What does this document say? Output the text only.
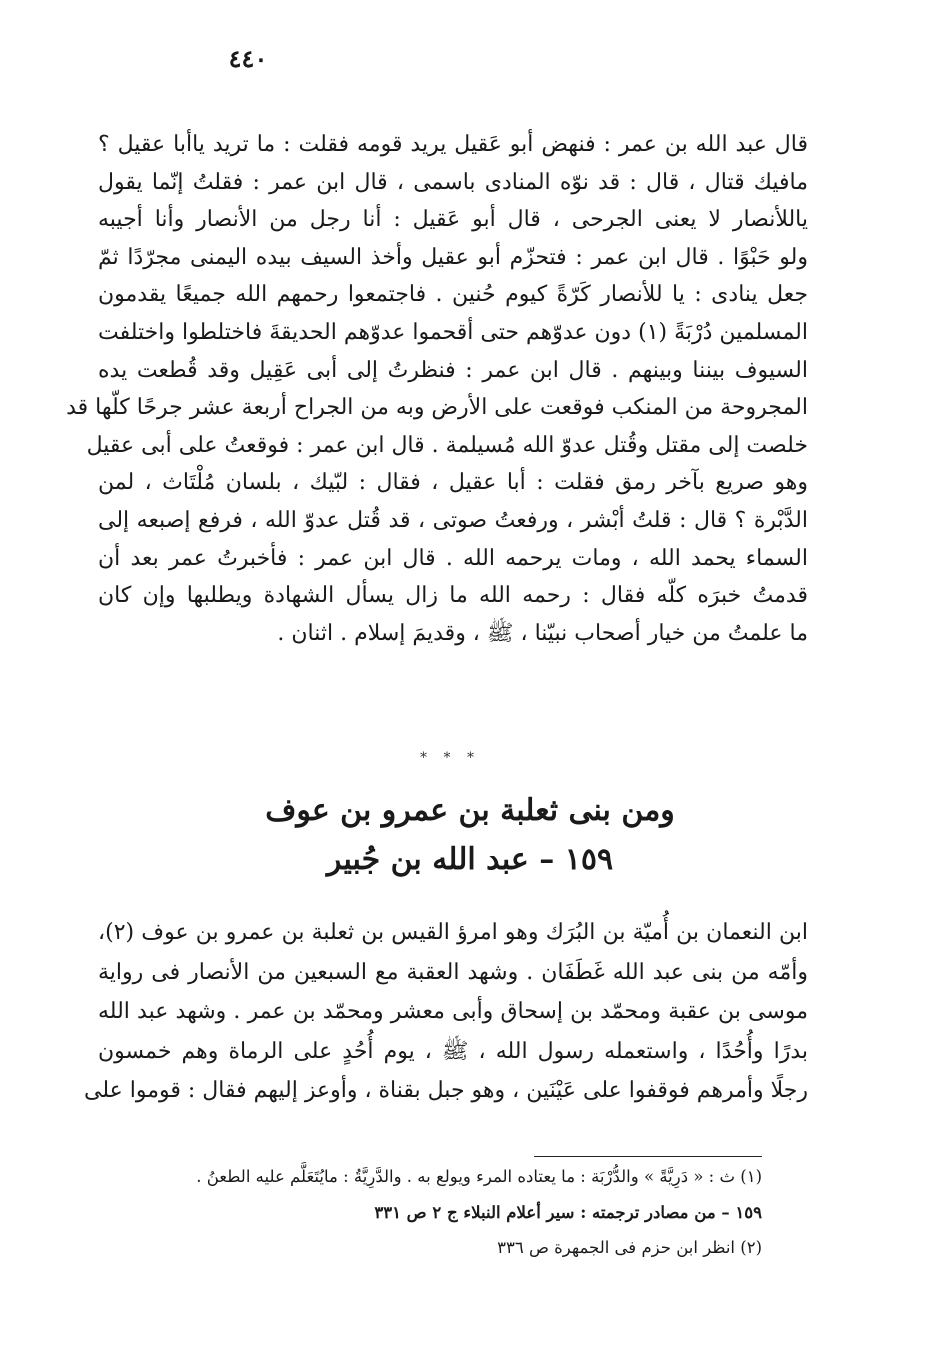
٤٤٠
قال عبد الله بن عمر : فنهض أبو عَقيل يريد قومه فقلت : ما تريد ياأبا عقيل ؟
مافيك قتال ، قال : قد نوّه المنادى باسمى ، قال ابن عمر : فقلتُ إنّما يقول
ياللأنصار لا يعنى الجرحى ، قال أبو عَقيل : أنا رجل من الأنصار وأنا أجيبه
ولو حَبْوًا . قال ابن عمر : فتحزّم أبو عقيل وأخذ السيف بيده اليمنى مجرّدًا ثمّ
جعل ينادى : يا للأنصار كَرّةً كيوم حُنين . فاجتمعوا رحمهم الله جميعًا يقدمون
المسلمين دُرْبَةً (١) دون عدوّهم حتى أقحموا عدوّهم الحديقةَ فاختلطوا واختلفت
السيوف بيننا وبينهم . قال ابن عمر : فنظرتُ إلى أبى عَقِيل وقد قُطعت يده
المجروحة من المنكب فوقعت على الأرض وبه من الجراح أربعة عشر جرحًا كلّها قد
خلصت إلى مقتل وقُتل عدوّ الله مُسيلمة . قال ابن عمر : فوقعتُ على أبى عقيل
وهو صريع بآخر رمق فقلت : أبا عقيل ، فقال : لبّيك ، بلسان مُلْتَاث ، لمن
الدَّبْرة ؟ قال : قلتُ أبْشر ، ورفعتُ صوتى ، قد قُتل عدوّ الله ، فرفع إصبعه إلى
السماء يحمد الله ، ومات يرحمه الله . قال ابن عمر : فأخبرتُ عمر بعد أن
قدمتُ خبرَه كلّه فقال : رحمه الله ما زال يسأل الشهادة ويطلبها وإن كان
ما علمتُ من خيار أصحاب نبيّنا ، ﷺ ، وقديمَ إسلام . اثنان .
* * *
ومن بنى ثعلبة بن عمرو بن عوف
١٥٩ – عبد الله بن جُبير
ابن النعمان بن أُميّة بن البُرَك وهو امرؤ القيس بن ثعلبة بن عمرو بن عوف (٢)،
وأمّه من بنى عبد الله غَطَفَان . وشهد العقبة مع السبعين من الأنصار فى رواية
موسى بن عقبة ومحمّد بن إسحاق وأبى معشر ومحمّد بن عمر . وشهد عبد الله
بدرًا وأُحُدًا ، واستعمله رسول الله ، ﷺ ، يوم أُحُدٍ على الرماة وهم خمسون
رجلًا وأمرهم فوقفوا على عَيْنَين ، وهو جبل بقناة ، وأوعز إليهم فقال : قوموا على
(١) ث : « دَرِيَّةً » والدُّرْبَة : ما يعتاده المرء ويولع به . والدَّرِيَّةُ : مايُتَعَلَّم عليه الطعنُ .
١٥٩ – من مصادر ترجمته : سير أعلام النبلاء ج ٢ ص ٣٣١
(٢) انظر ابن حزم فى الجمهرة ص ٣٣٦
